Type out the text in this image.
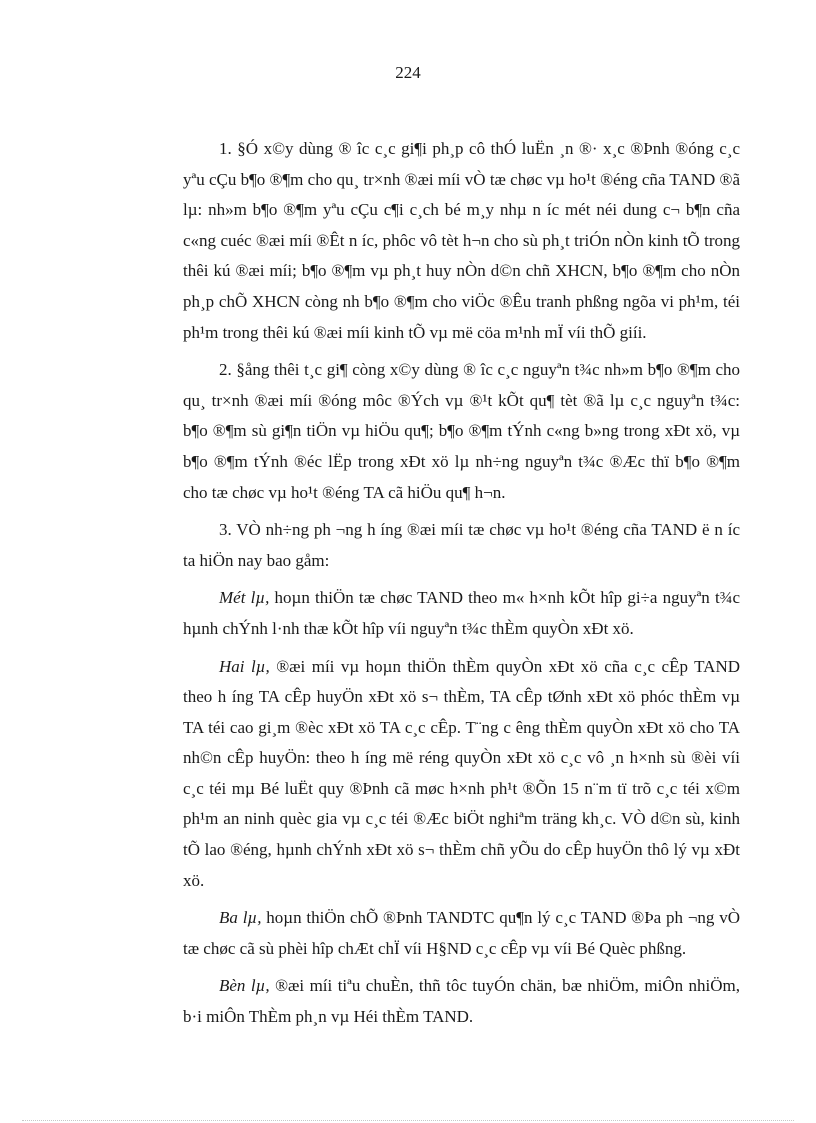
224

1. §Ó x©y dùng ® îc c¸c gi¶i ph¸p cô thÓ luËn ¸n ®· x¸c ®Þnh ®óng c¸c yªu cÇu b¶o ®¶m cho qu¸ tr×nh ®æi míi vÒ tæ chøc vµ ho¹t ®éng cña TAND ®ã lµ: nh»m b¶o ®¶m yªu cÇu c¶i c¸ch bé m¸y nhµ n íc mét néi dung c¬ b¶n cña c«ng cuéc ®æi míi ®Êt n íc, phôc vô tèt h¬n cho sù ph¸t triÓn nÒn kinh tÕ trong thêi kú ®æi míi; b¶o ®¶m vµ ph¸t huy nÒn d©n chñ XHCN, b¶o ®¶m cho nÒn ph¸p chÕ XHCN còng nh b¶o ®¶m cho viÖc ®Êu tranh phßng ngõa vi ph¹m, téi ph¹m trong thêi kú ®æi míi kinh tÕ vµ më cöa m¹nh mÏ víi thÕ giíi.

2. §ång thêi t¸c gi¶ còng x©y dùng ® îc c¸c nguyªn t¾c nh»m b¶o ®¶m cho qu¸ tr×nh ®æi míi ®óng môc ®Ých vµ ®¹t kÕt qu¶ tèt ®ã lµ c¸c nguyªn t¾c: b¶o ®¶m sù gi¶n tiÖn vµ hiÖu qu¶; b¶o ®¶m tÝnh c«ng b»ng trong xÐt xö, vµ b¶o ®¶m tÝnh ®éc lËp trong xÐt xö lµ nh÷ng nguyªn t¾c ®Æc thï b¶o ®¶m cho tæ chøc vµ ho¹t ®éng TA cã hiÖu qu¶ h¬n.

3. VÒ nh÷ng ph ¬ng h íng ®æi míi tæ chøc vµ ho¹t ®éng cña TAND ë n íc ta hiÖn nay bao gåm:

Mét lµ, hoµn thiÖn tæ chøc TAND theo m« h×nh kÕt hîp gi÷a nguyªn t¾c hµnh chÝnh l·nh thæ kÕt hîp víi nguyªn t¾c thÈm quyÒn xÐt xö.

Hai lµ, ®æi míi vµ hoµn thiÖn thÈm quyÒn xÐt xö cña c¸c cÊp TAND theo h íng TA cÊp huyÖn xÐt xö s¬ thÈm, TA cÊp tØnh xÐt xö phóc thÈm vµ TA téi cao gi¸m ®èc xÐt xö TA c¸c cÊp. T¨ng c êng thÈm quyÒn xÐt xö cho TA nh©n cÊp huyÖn: theo h íng më réng quyÒn xÐt xö c¸c vô ¸n h×nh sù ®èi víi c¸c téi mµ Bé luËt quy ®Þnh cã møc h×nh ph¹t ®Õn 15 n¨m tï trõ c¸c téi x©m ph¹m an ninh quèc gia vµ c¸c téi ®Æc biÖt nghiªm träng kh¸c. VÒ d©n sù, kinh tÕ lao ®éng, hµnh chÝnh xÐt xö s¬ thÈm chñ yÕu do cÊp huyÖn thô lý vµ xÐt xö.

Ba lµ, hoµn thiÖn chÕ ®Þnh TANDTC qu¶n lý c¸c TAND ®Þa ph ¬ng vÒ tæ chøc cã sù phèi hîp chÆt chÏ víi H§ND c¸c cÊp vµ víi Bé Quèc phßng.

Bèn lµ, ®æi míi tiªu chuÈn, thñ tôc tuyÓn chän, bæ nhiÖm, miÔn nhiÖm, b·i miÔn ThÈm ph¸n vµ Héi thÈm TAND.
